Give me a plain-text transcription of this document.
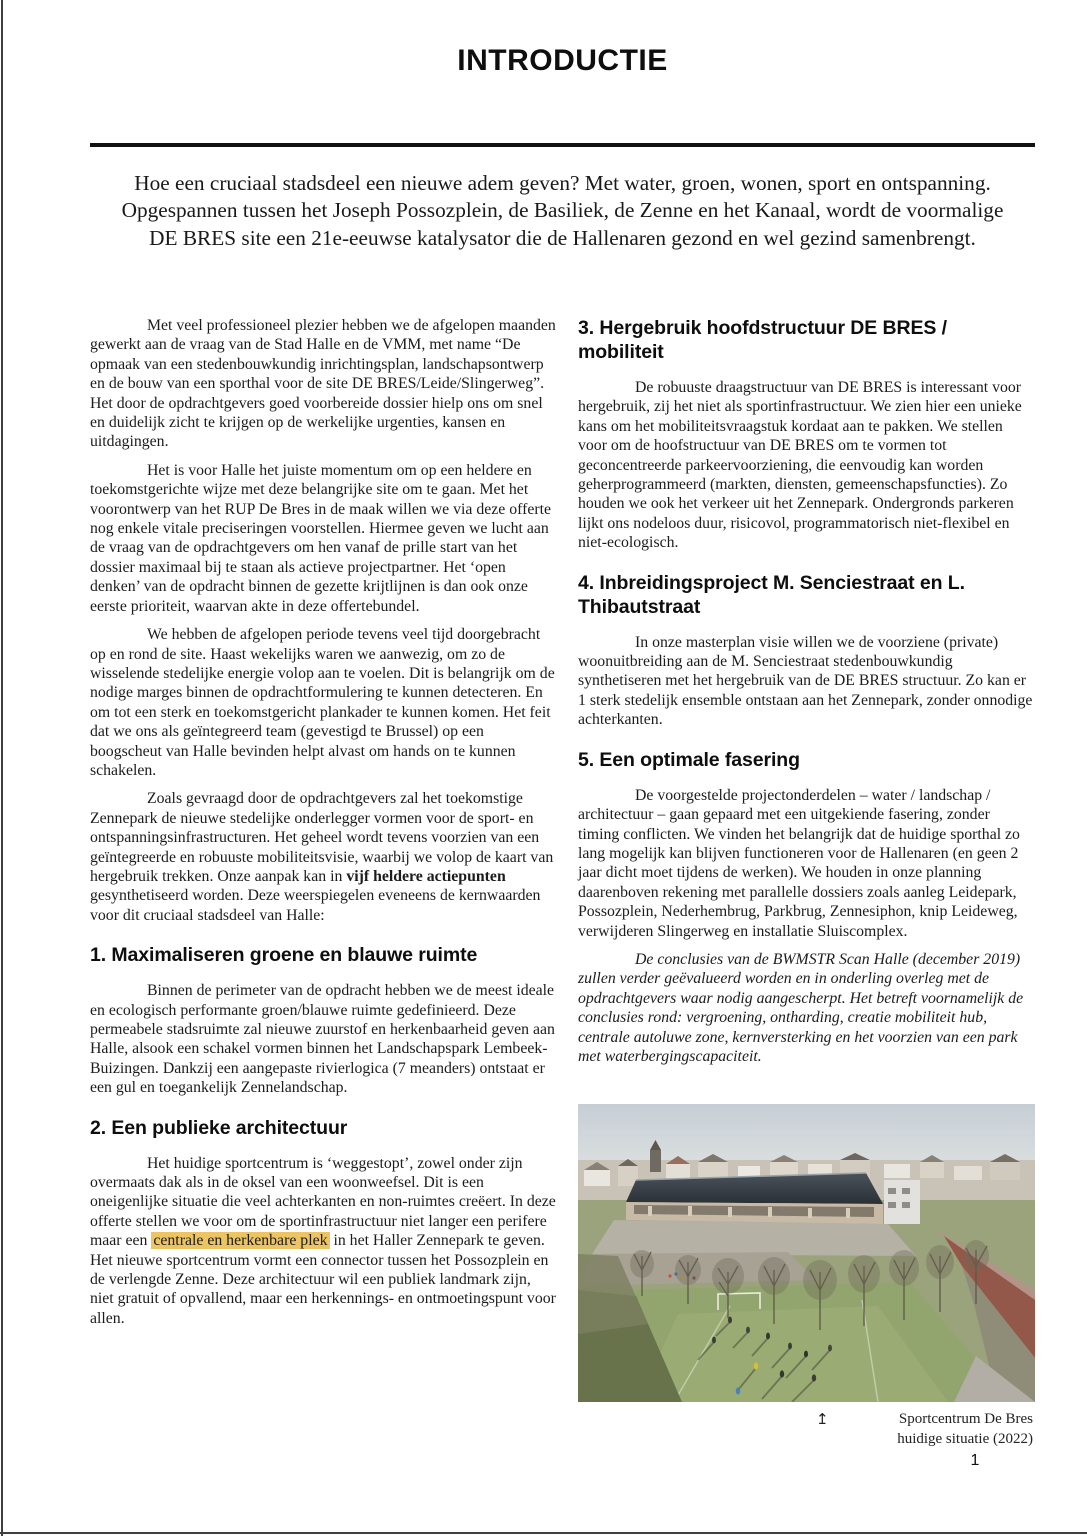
INTRODUCTIE

Hoe een cruciaal stadsdeel een nieuwe adem geven? Met water, groen, wonen, sport en ontspanning. Opgespannen tussen het Joseph Possozplein, de Basiliek, de Zenne en het Kanaal, wordt de voormalige DE BRES site een 21e-eeuwse katalysator die de Hallenaren gezond en wel gezind samenbrengt.

Met veel professioneel plezier hebben we de afgelopen maanden gewerkt aan de vraag van de Stad Halle en de VMM, met name “De opmaak van een stedenbouwkundig inrichtingsplan, landschapsontwerp en de bouw van een sporthal voor de site DE BRES/Leide/Slingerweg”. Het door de opdrachtgevers goed voorbereide dossier hielp ons om snel en duidelijk zicht te krijgen op de werkelijke urgenties, kansen en uitdagingen.

Het is voor Halle het juiste momentum om op een heldere en toekomstgerichte wijze met deze belangrijke site om te gaan. Met het voorontwerp van het RUP De Bres in de maak willen we via deze offerte nog enkele vitale preciseringen voorstellen. Hiermee geven we lucht aan de vraag van de opdrachtgevers om hen vanaf de prille start van het dossier maximaal bij te staan als actieve projectpartner. Het ‘open denken’ van de opdracht binnen de gezette krijtlijnen is dan ook onze eerste prioriteit, waarvan akte in deze offertebundel.

We hebben de afgelopen periode tevens veel tijd doorgebracht op en rond de site. Haast wekelijks waren we aanwezig, om zo de wisselende stedelijke energie volop aan te voelen. Dit is belangrijk om de nodige marges binnen de opdrachtformulering te kunnen detecteren. En om tot een sterk en toekomstgericht plankader te kunnen komen. Het feit dat we ons als geïntegreerd team (gevestigd te Brussel) op een boogscheut van Halle bevinden helpt alvast om hands on te kunnen schakelen.

Zoals gevraagd door de opdrachtgevers zal het toekomstige Zennepark de nieuwe stedelijke onderlegger vormen voor de sport- en ontspanningsinfrastructuren. Het geheel wordt tevens voorzien van een geïntegreerde en robuuste mobiliteitsvisie, waarbij we volop de kaart van hergebruik trekken. Onze aanpak kan in vijf heldere actiepunten gesynthetiseerd worden. Deze weerspiegelen eveneens de kernwaarden voor dit cruciaal stadsdeel van Halle:

1. Maximaliseren groene en blauwe ruimte

Binnen de perimeter van de opdracht hebben we de meest ideale en ecologisch performante groen/blauwe ruimte gedefinieerd. Deze permeabele stadsruimte zal nieuwe zuurstof en herkenbaarheid geven aan Halle, alsook een schakel vormen binnen het Landschapspark Lembeek-Buizingen. Dankzij een aangepaste rivierlogica (7 meanders) ontstaat er een gul en toegankelijk Zennelandschap.

2. Een publieke architectuur

Het huidige sportcentrum is ‘weggestopt’, zowel onder zijn overmaats dak als in de oksel van een woonweefsel. Dit is een oneigenlijke situatie die veel achterkanten en non-ruimtes creëert. In deze offerte stellen we voor om de sportinfrastructuur niet langer een perifere maar een centrale en herkenbare plek in het Haller Zennepark te geven. Het nieuwe sportcentrum vormt een connector tussen het Possozplein en de verlengde Zenne. Deze architectuur wil een publiek landmark zijn, niet gratuit of opvallend, maar een herkennings- en ontmoetingspunt voor allen.

3. Hergebruik hoofdstructuur DE BRES / mobiliteit

De robuuste draagstructuur van DE BRES is interessant voor hergebruik, zij het niet als sportinfrastructuur. We zien hier een unieke kans om het mobiliteitsvraagstuk kordaat aan te pakken. We stellen voor om de hoofstructuur van DE BRES om te vormen tot geconcentreerde parkeervoorziening, die eenvoudig kan worden geherprogrammeerd (markten, diensten, gemeenschapsfuncties). Zo houden we ook het verkeer uit het Zennepark. Ondergronds parkeren lijkt ons nodeloos duur, risicovol, programmatorisch niet-flexibel en niet-ecologisch.

4. Inbreidingsproject M. Senciestraat en L. Thibautstraat

In onze masterplan visie willen we de voorziene (private) woonuitbreiding aan de M. Senciestraat stedenbouwkundig synthetiseren met het hergebruik van de DE BRES structuur. Zo kan er 1 sterk stedelijk ensemble ontstaan aan het Zennepark, zonder onnodige achterkanten.

5. Een optimale fasering

De voorgestelde projectonderdelen – water / landschap / architectuur – gaan gepaard met een uitgekiende fasering, zonder timing conflicten. We vinden het belangrijk dat de huidige sporthal zo lang mogelijk kan blijven functioneren voor de Hallenaren (en geen 2 jaar dicht moet tijdens de werken). We houden in onze planning daarenboven rekening met parallelle dossiers zoals aanleg Leidepark, Possozplein, Nederhembrug, Parkbrug, Zennesiphon, knip Leideweg, verwijderen Slingerweg en installatie Sluiscomplex.

De conclusies van de BWMSTR Scan Halle (december 2019) zullen verder geëvalueerd worden en in onderling overleg met de opdrachtgevers waar nodig aangescherpt. Het betreft voornamelijk de conclusies rond: vergroening, ontharding, creatie mobiliteit hub, centrale autoluwe zone, kernversterking en het voorzien van een park met waterbergingscapaciteit.

↥	Sportcentrum De Bres
huidige situatie (2022)
1
